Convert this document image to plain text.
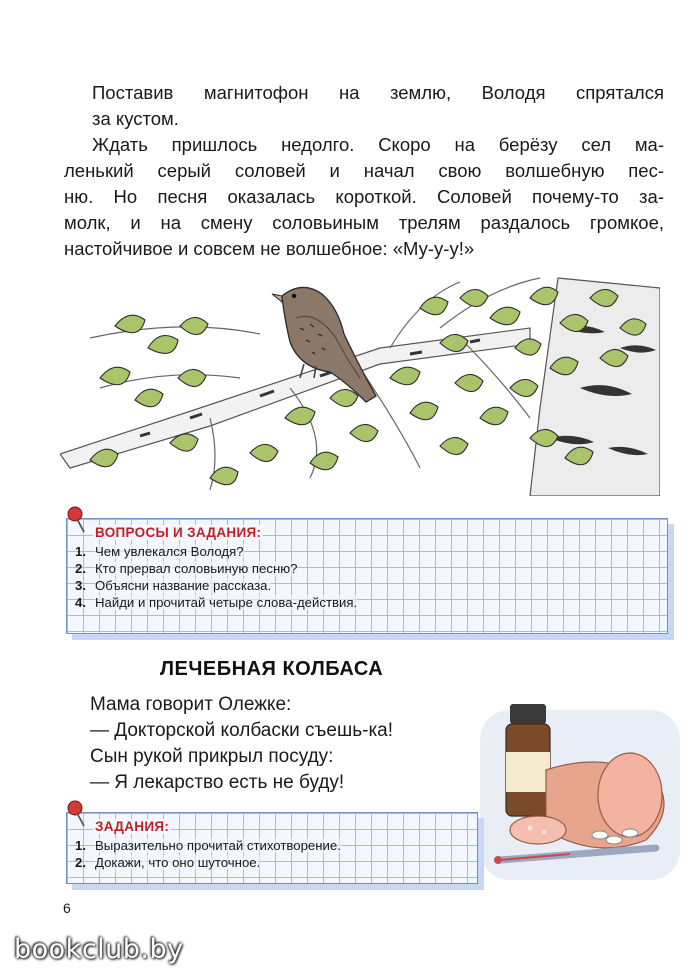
Поставив магнитофон на землю, Володя спрятался
за кустом.

Ждать пришлось недолго. Скоро на берёзу сел ма-
ленький серый соловей и начал свою волшебную пес-
ню. Но песня оказалась короткой. Соловей почему-то за-
молк, и на смену соловьиным трелям раздалось громкое,
настойчивое и совсем не волшебное: «Му-у-у!»

ВОПРОСЫ И ЗАДАНИЯ:
1. Чем увлекался Володя?
2. Кто прервал соловьиную песню?
3. Объясни название рассказа.
4. Найди и прочитай четыре слова-действия.
ЛЕЧЕБНАЯ КОЛБАСА
Мама говорит Олежке:
— Докторской колбаски съешь-ка!
Сын рукой прикрыл посуду:
— Я лекарство есть не буду!
ЗАДАНИЯ:
1. Выразительно прочитай стихотворение.
2. Докажи, что оно шуточное.
6
bookclub.by
